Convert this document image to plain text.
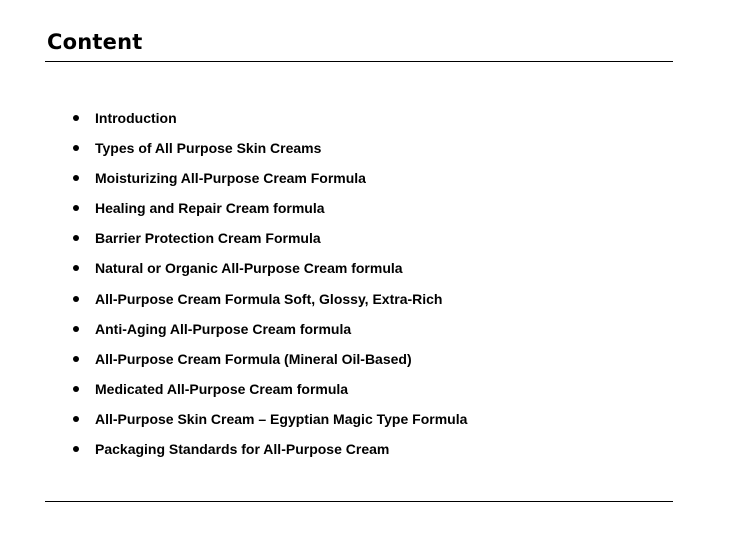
Content
Introduction
Types of All Purpose Skin Creams
Moisturizing All-Purpose Cream Formula
Healing and Repair Cream formula
Barrier Protection Cream Formula
Natural or Organic All-Purpose Cream formula
All-Purpose Cream Formula Soft, Glossy, Extra-Rich
Anti-Aging All-Purpose Cream formula
All-Purpose Cream Formula (Mineral Oil-Based)
Medicated All-Purpose Cream formula
All-Purpose Skin Cream – Egyptian Magic Type Formula
Packaging Standards for All-Purpose Cream
